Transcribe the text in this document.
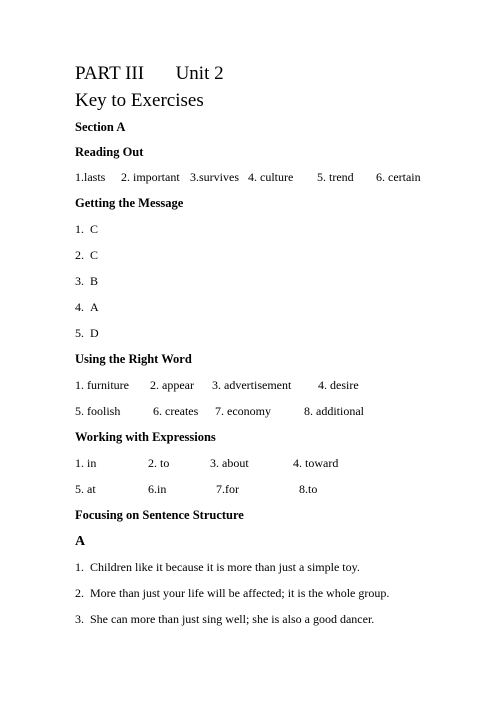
PART III Unit 2
Key to Exercises
Section A
Reading Out
1.lasts 2. important 3.survives 4. culture 5. trend 6. certain
Getting the Message
1. C
2. C
3. B
4. A
5. D
Using the Right Word
1. furniture 2. appear 3. advertisement 4. desire
5. foolish	6. creates 7. economy	8. additional
Working with Expressions
1. in	2. to	3. about	4. toward
5. at	6.in	7.for	8.to
Focusing on Sentence Structure
A
1. Children like it because it is more than just a simple toy.
2. More than just your life will be affected; it is the whole group.
3. She can more than just sing well; she is also a good dancer.
